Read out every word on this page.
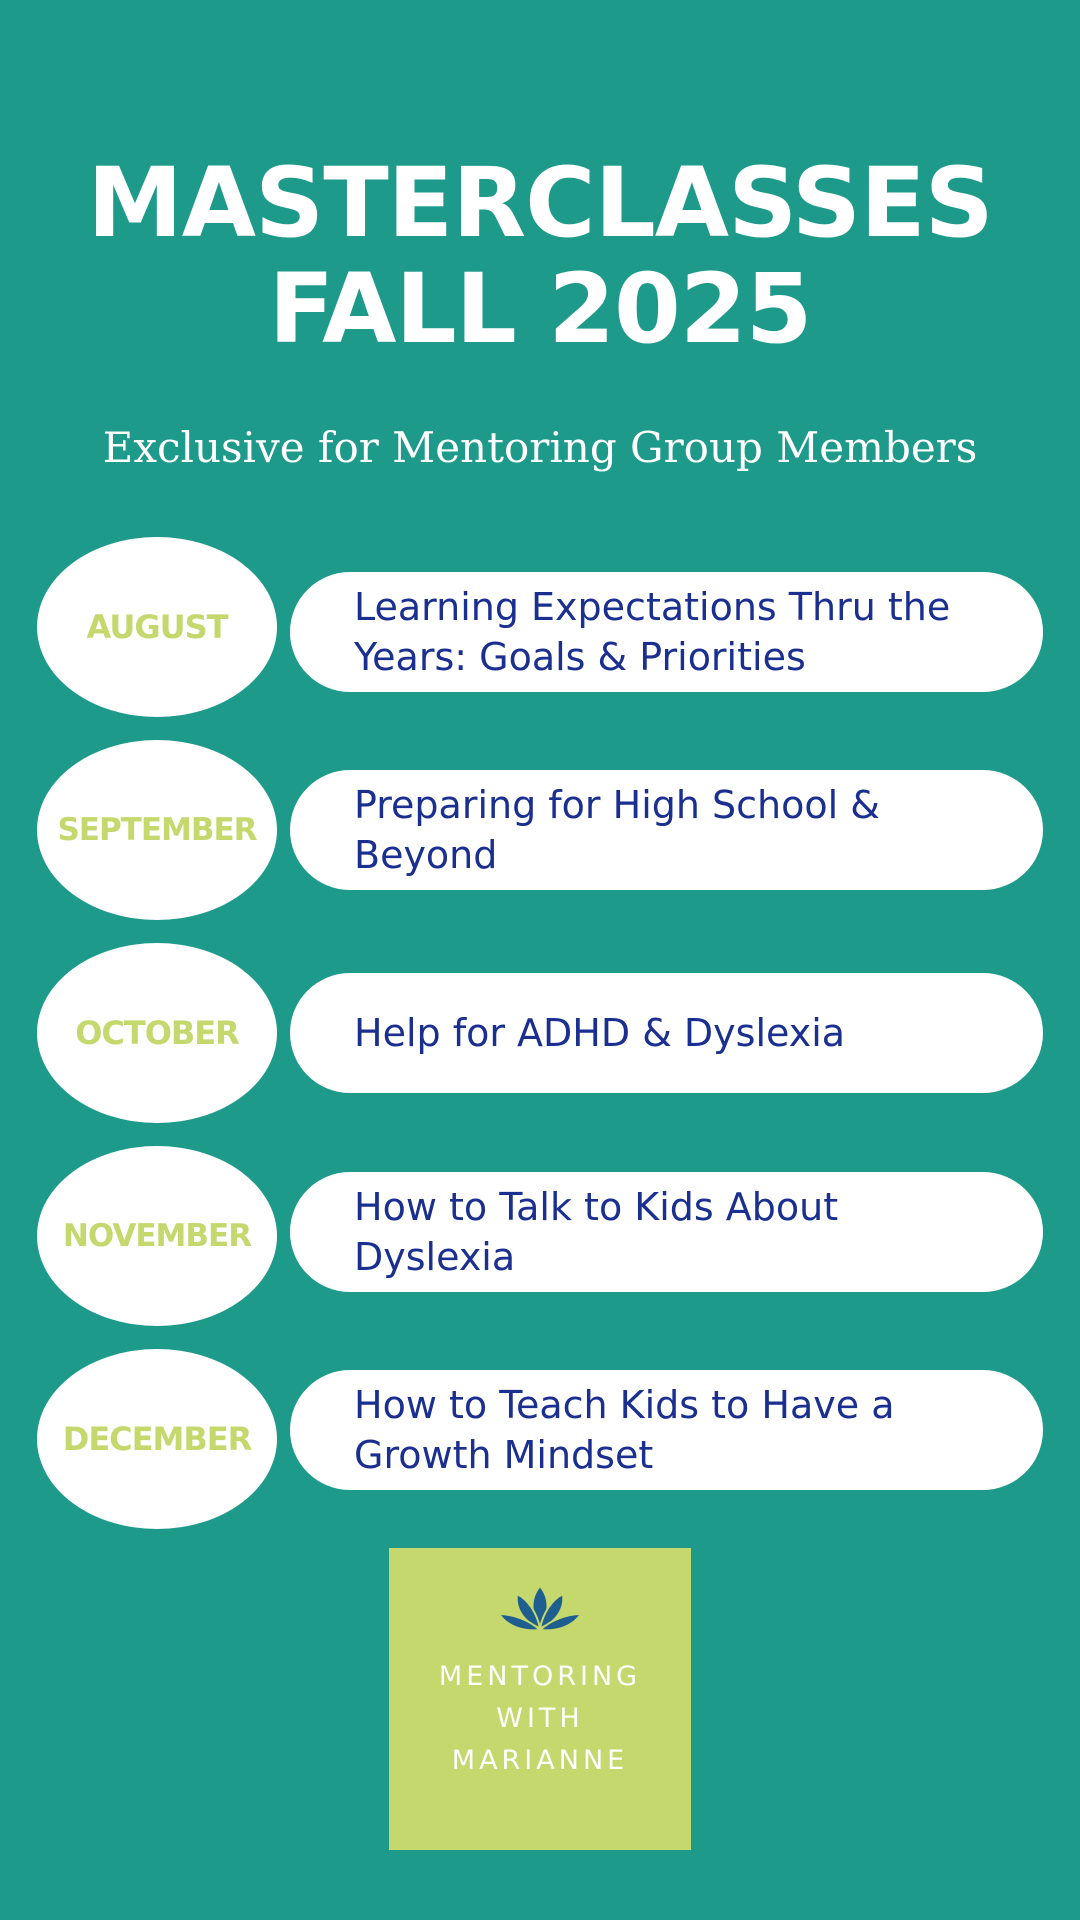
MASTERCLASSES
FALL 2025
Exclusive for Mentoring Group Members
AUGUST	Learning Expectations Thru the Years: Goals & Priorities
SEPTEMBER
Preparing for High School & Beyond
OCTOBER	Help for ADHD & Dyslexia
NOVEMBER
How to Talk to Kids About Dyslexia
DECEMBER
How to Teach Kids to Have a Growth Mindset
MENTORING
WITH
MARIANNE
